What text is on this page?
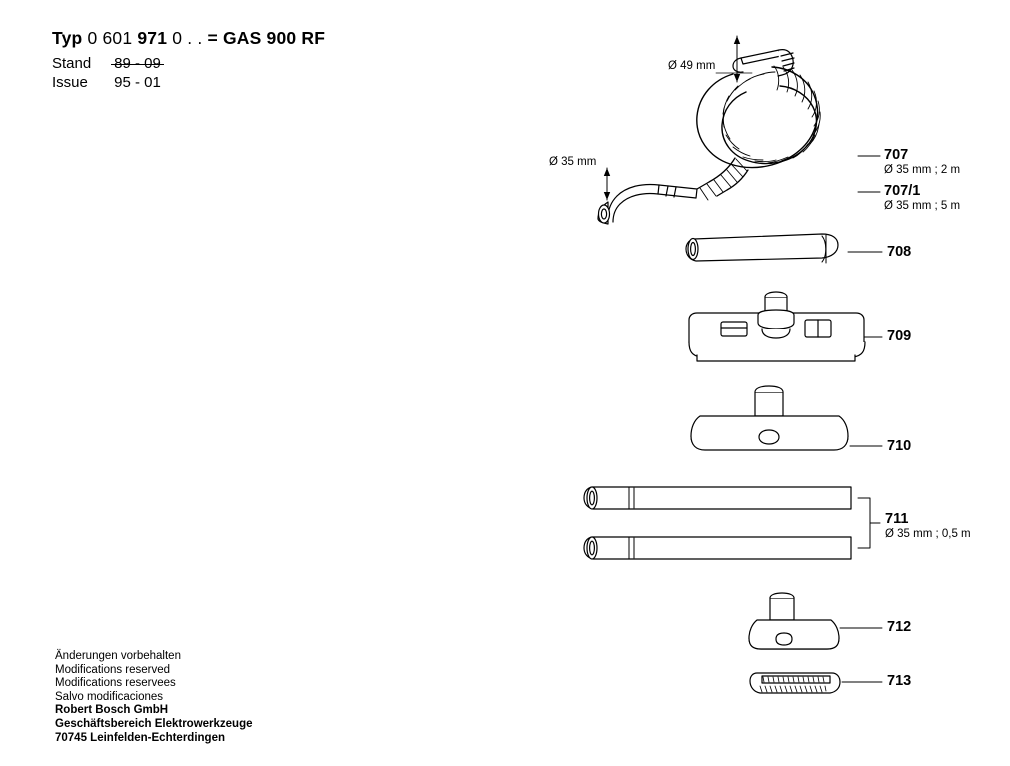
Typ 0 601 971 0 . . = GAS 900 RF
Stand 89 - 09
Issue 95 - 01
Änderungen vorbehalten
Modifications reserved
Modifications reservees
Salvo modificaciones
Robert Bosch GmbH
Geschäftsbereich Elektrowerkzeuge
70745 Leinfelden-Echterdingen
Ø 49 mm
Ø 35 mm	707
Ø 35 mm ; 2 m
707/1
Ø 35 mm ; 5 m
708
709
710
711
Ø 35 mm ; 0,5 m
712
713
